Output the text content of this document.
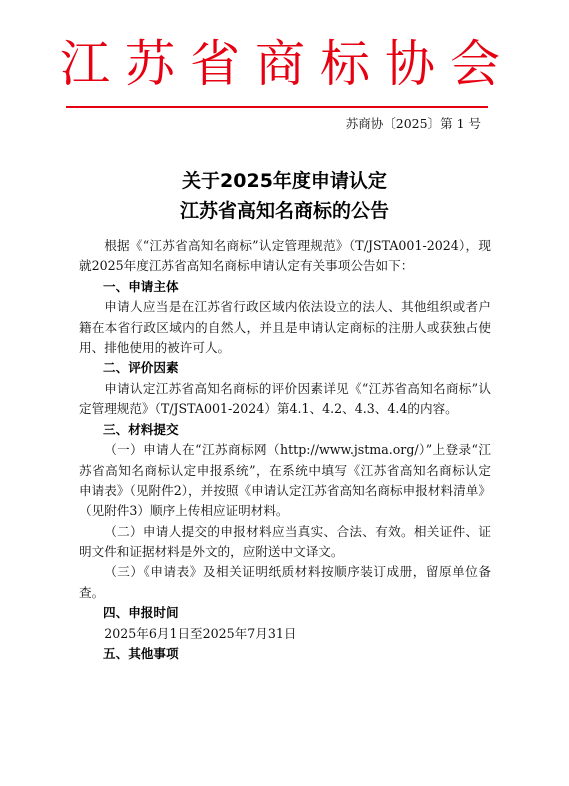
江 苏 省 商 标 协 会
苏商协〔2025〕第 1 号
关于2025年度申请认定
江苏省高知名商标的公告

根据《“江苏省高知名商标”认定管理规范》（T/JSTA001-2024），现就2025年度江苏省高知名商标申请认定有关事项公告如下：

一、申请主体

申请人应当是在江苏省行政区域内依法设立的法人、其他组织或者户籍在本省行政区域内的自然人，并且是申请认定商标的注册人或获独占使用、排他使用的被许可人。

二、评价因素

申请认定江苏省高知名商标的评价因素详见《“江苏省高知名商标”认定管理规范》（T/JSTA001-2024）第4.1、4.2、4.3、4.4的内容。

三、材料提交

（一）申请人在“江苏商标网（http://www.jstma.org/）”上登录“江苏省高知名商标认定申报系统”，在系统中填写《江苏省高知名商标认定 申请表》（见附件2），并按照《申请认定江苏省高知名商标申报材料清单》（见附件3）顺序上传相应证明材料。

（二）申请人提交的申报材料应当真实、合法、有效。相关证件、证明文件和证据材料是外文的，应附送中文译文。

（三）《申请表》及相关证明纸质材料按顺序装订成册，留原单位备查。

四、申报时间

2025年6月1日至2025年7月31日

五、其他事项
